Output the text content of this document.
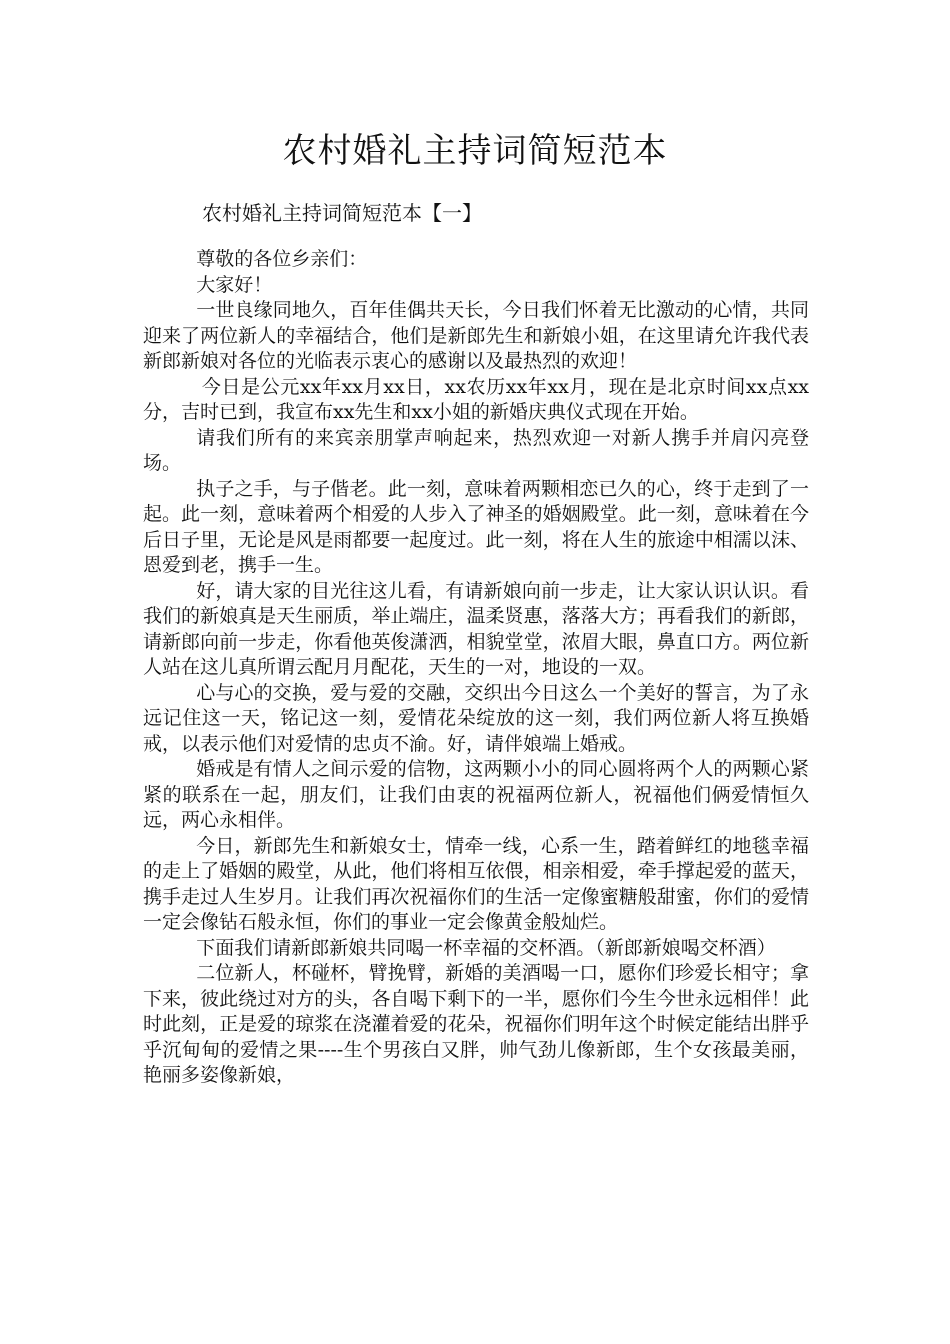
农村婚礼主持词简短范本
农村婚礼主持词简短范本【一】

尊敬的各位乡亲们：

大家好！

一世良缘同地久，百年佳偶共天长，今日我们怀着无比激动的心情，共同迎来了两位新人的幸福结合，他们是新郎先生和新娘小姐，在这里请允许我代表新郎新娘对各位的光临表示衷心的感谢以及最热烈的欢迎！

今日是公元xx年xx月xx日，xx农历xx年xx月，现在是北京时间xx点xx分，吉时已到，我宣布xx先生和xx小姐的新婚庆典仪式现在开始。

请我们所有的来宾亲朋掌声响起来，热烈欢迎一对新人携手并肩闪亮登场。

执子之手，与子偕老。此一刻，意味着两颗相恋已久的心，终于走到了一起。此一刻，意味着两个相爱的人步入了神圣的婚姻殿堂。此一刻，意味着在今后日子里，无论是风是雨都要一起度过。此一刻，将在人生的旅途中相濡以沫、恩爱到老，携手一生。

好，请大家的目光往这儿看，有请新娘向前一步走，让大家认识认识。看我们的新娘真是天生丽质，举止端庄，温柔贤惠，落落大方；再看我们的新郎，请新郎向前一步走，你看他英俊潇洒，相貌堂堂，浓眉大眼，鼻直口方。两位新人站在这儿真所谓云配月月配花，天生的一对，地设的一双。

心与心的交换，爱与爱的交融，交织出今日这么一个美好的誓言，为了永远记住这一天，铭记这一刻，爱情花朵绽放的这一刻，我们两位新人将互换婚戒，以表示他们对爱情的忠贞不渝。好，请伴娘端上婚戒。

婚戒是有情人之间示爱的信物，这两颗小小的同心圆将两个人的两颗心紧紧的联系在一起，朋友们，让我们由衷的祝福两位新人，祝福他们俩爱情恒久远，两心永相伴。

今日，新郎先生和新娘女士，情牵一线，心系一生，踏着鲜红的地毯幸福的走上了婚姻的殿堂，从此，他们将相互依偎，相亲相爱，牵手撑起爱的蓝天，携手走过人生岁月。让我们再次祝福你们的生活一定像蜜糖般甜蜜，你们的爱情一定会像钻石般永恒，你们的事业一定会像黄金般灿烂。

下面我们请新郎新娘共同喝一杯幸福的交杯酒。（新郎新娘喝交杯酒）

二位新人，杯碰杯，臂挽臂，新婚的美酒喝一口，愿你们珍爱长相守；拿下来，彼此绕过对方的头，各自喝下剩下的一半，愿你们今生今世永远相伴！此时此刻，正是爱的琼浆在浇灌着爱的花朵，祝福你们明年这个时候定能结出胖乎乎沉甸甸的爱情之果----生个男孩白又胖，帅气劲儿像新郎，生个女孩最美丽，艳丽多姿像新娘，
